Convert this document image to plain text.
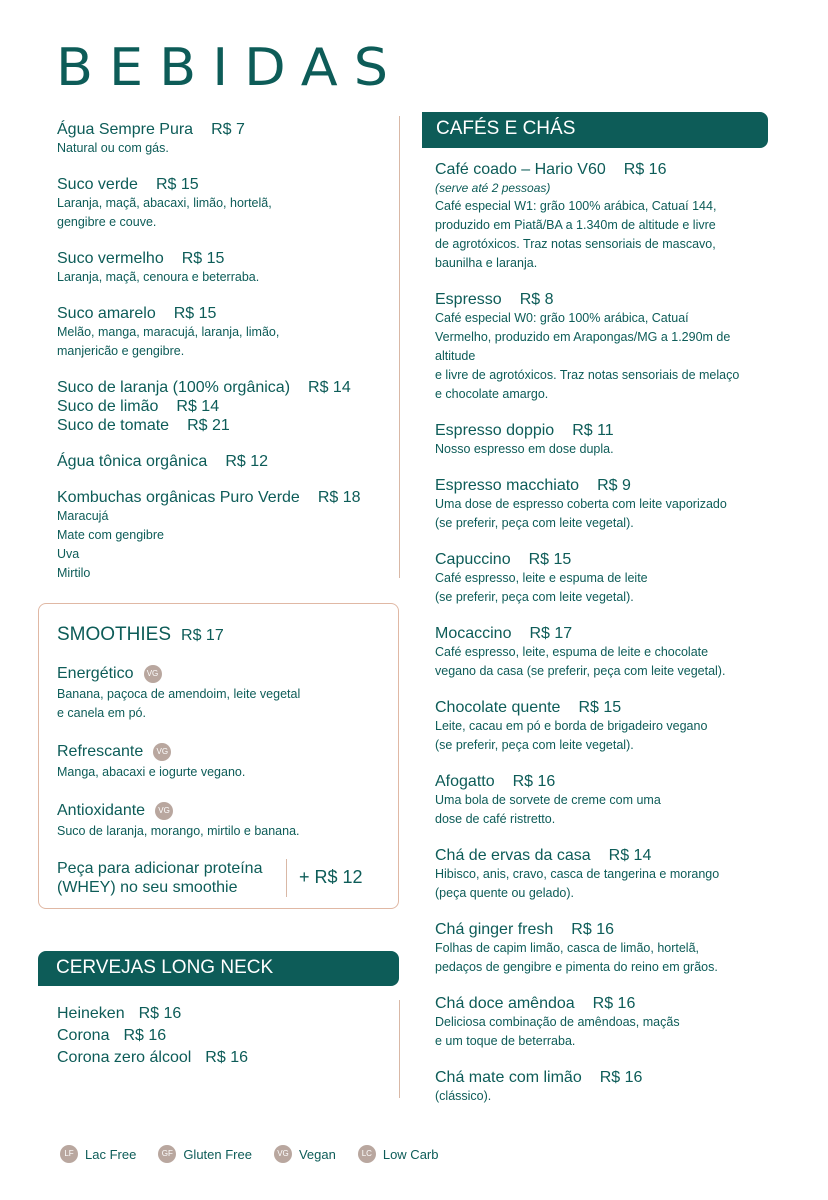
BEBIDAS
Água Sempre Pura R$ 7
Natural ou com gás.
Suco verde R$ 15
Laranja, maçã, abacaxi, limão, hortelã,
gengibre e couve.
Suco vermelho R$ 15
Laranja, maçã, cenoura e beterraba.
Suco amarelo R$ 15
Melão, manga, maracujá, laranja, limão,
manjericão e gengibre.
Suco de laranja (100% orgânica) R$ 14
Suco de limão R$ 14
Suco de tomate R$ 21
Água tônica orgânica R$ 12
Kombuchas orgânicas Puro Verde R$ 18
Maracujá
Mate com gengibre
Uva
Mirtilo
SMOOTHIES R$ 17
Energético VG
Banana, paçoca de amendoim, leite vegetal
e canela em pó.
Refrescante VG
Manga, abacaxi e iogurte vegano.
Antioxidante VG
Suco de laranja, morango, mirtilo e banana.
Peça para adicionar proteína
(WHEY) no seu smoothie
+ R$ 12
CERVEJAS LONG NECK
Heineken R$ 16
Corona R$ 16
Corona zero álcool R$ 16
CAFÉS E CHÁS
Café coado – Hario V60 R$ 16
(serve até 2 pessoas)
Café especial W1: grão 100% arábica, Catuaí 144,
produzido em Piatã/BA a 1.340m de altitude e livre
de agrotóxicos. Traz notas sensoriais de mascavo,
baunilha e laranja.
Espresso R$ 8
Café especial W0: grão 100% arábica, Catuaí
Vermelho, produzido em Arapongas/MG a 1.290m de
altitude
e livre de agrotóxicos. Traz notas sensoriais de melaço
e chocolate amargo.
Espresso doppio R$ 11
Nosso espresso em dose dupla.
Espresso macchiato R$ 9
Uma dose de espresso coberta com leite vaporizado
(se preferir, peça com leite vegetal).
Capuccino R$ 15
Café espresso, leite e espuma de leite
(se preferir, peça com leite vegetal).
Mocaccino R$ 17
Café espresso, leite, espuma de leite e chocolate
vegano da casa (se preferir, peça com leite vegetal).
Chocolate quente R$ 15
Leite, cacau em pó e borda de brigadeiro vegano
(se preferir, peça com leite vegetal).
Afogatto R$ 16
Uma bola de sorvete de creme com uma
dose de café ristretto.
Chá de ervas da casa R$ 14
Hibisco, anis, cravo, casca de tangerina e morango
(peça quente ou gelado).
Chá ginger fresh R$ 16
Folhas de capim limão, casca de limão, hortelã,
pedaços de gengibre e pimenta do reino em grãos.
Chá doce amêndoa R$ 16
Deliciosa combinação de amêndoas, maçãs
e um toque de beterraba.
Chá mate com limão R$ 16
(clássico).
LF Lac Free	GF Gluten Free	VG Vegan	LC Low Carb
